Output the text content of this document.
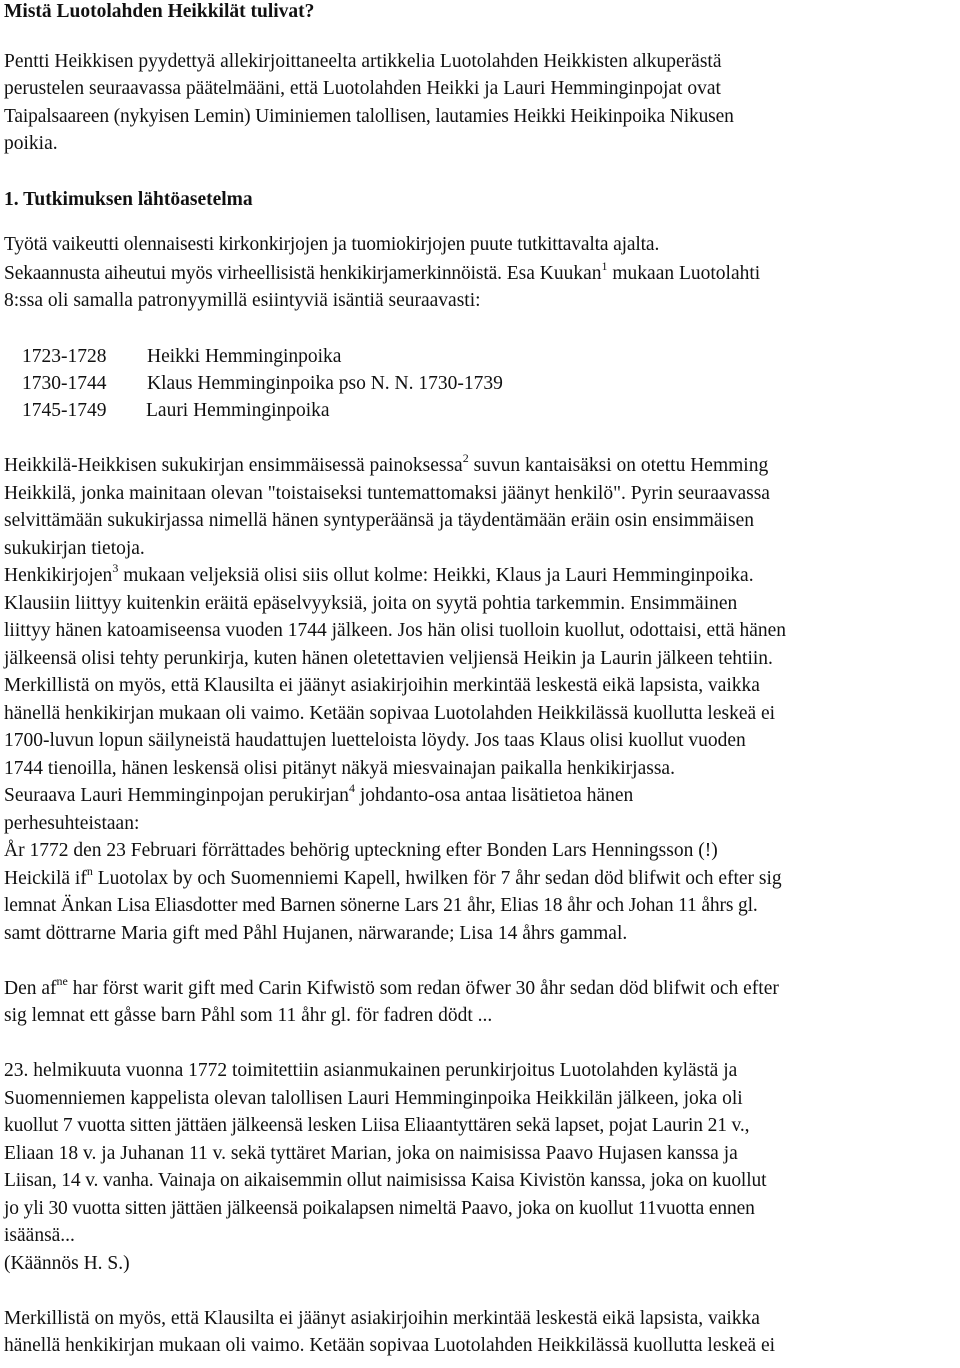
Mistä Luotolahden Heikkilät tulivat?
Pentti Heikkisen pyydettyä allekirjoittaneelta artikkelia Luotolahden Heikkisten alkuperästä
perustelen seuraavassa päätelmääni, että Luotolahden Heikki ja Lauri Hemminginpojat ovat
Taipalsaareen (nykyisen Lemin) Uiminiemen talollisen, lautamies Heikki Heikinpoika Nikusen
poikia.
1. Tutkimuksen lähtöasetelma
Työtä vaikeutti olennaisesti kirkonkirjojen ja tuomiokirjojen puute tutkittavalta ajalta.
Sekaannusta aiheutui myös virheellisistä henkikirjamerkinnöistä. Esa Kuukan$^1$ mukaan Luotolahti
8:ssa oli samalla patronyymillä esiintyviä isäntiä seuraavasti:
1723-1728 Heikki Hemminginpoika
1730-1744 Klaus Hemminginpoika pso N. N. 1730-1739
1745-1749 Lauri Hemminginpoika
Heikkilä-Heikkisen sukukirjan ensimmäisessä painoksessa$^2$ suvun kantaisäksi on otettu Hemming
Heikkilä, jonka mainitaan olevan "toistaiseksi tuntemattomaksi jäänyt henkilö". Pyrin seuraavassa
selvittämään sukukirjassa nimellä hänen syntyperäänsä ja täydentämään eräin osin ensimmäisen
sukukirjan tietoja.
Henkikirjojen$^3$ mukaan veljeksiä olisi siis ollut kolme: Heikki, Klaus ja Lauri Hemminginpoika.
Klausiin liittyy kuitenkin eräitä epäselvyyksiä, joita on syytä pohtia tarkemmin. Ensimmäinen
liittyy hänen katoamiseensa vuoden 1744 jälkeen. Jos hän olisi tuolloin kuollut, odottaisi, että hänen
jälkeensä olisi tehty perunkirja, kuten hänen oletettavien veljiensä Heikin ja Laurin jälkeen tehtiin.
Merkillistä on myös, että Klausilta ei jäänyt asiakirjoihin merkintää leskestä eikä lapsista, vaikka
hänellä henkikirjan mukaan oli vaimo. Ketään sopivaa Luotolahden Heikkilässä kuollutta leskeä ei
1700-luvun lopun säilyneistä haudattujen luetteloista löydy. Jos taas Klaus olisi kuollut vuoden
1744 tienoilla, hänen leskensä olisi pitänyt näkyä miesvainajan paikalla henkikirjassa.
Seuraava Lauri Hemminginpojan perukirjan$^4$ johdanto-osa antaa lisätietoa hänen
perhesuhteistaan:
År 1772 den 23 Februari förrättades behörig upteckning efter Bonden Lars Henningsson (!)
Heickilä $if^n$ Luotolax by och Suomenniemi Kapell, hwilken för 7 åhr sedan död blifwit och efter sig
lemnat Änkan Lisa Eliasdotter med Barnen sönerne Lars 21 åhr, Elias 18 åhr och Johan 11 åhrs gl.
samt döttrarne Maria gift med Påhl Hujanen, närwarande; Lisa 14 åhrs gammal.
Den $af^{ne}$ har först warit gift med Carin Kifwistö som redan öfwer 30 åhr sedan död blifwit och efter
sig lemnat ett gåsse barn Påhl som 11 åhr gl. för fadren dödt ...
23. helmikuuta vuonna 1772 toimitettiin asianmukainen perunkirjoitus Luotolahden kylästä ja
Suomenniemen kappelista olevan talollisen Lauri Hemminginpoika Heikkilän jälkeen, joka oli
kuollut 7 vuotta sitten jättäen jälkeensä lesken Liisa Eliaantyttären sekä lapset, pojat Laurin 21 v.,
Eliaan 18 v. ja Juhanan 11 v. sekä tyttäret Marian, joka on naimisissa Paavo Hujasen kanssa ja
Liisan, 14 v. vanha. Vainaja on aikaisemmin ollut naimisissa Kaisa Kivistön kanssa, joka on kuollut
jo yli 30 vuotta sitten jättäen jälkeensä poikalapsen nimeltä Paavo, joka on kuollut 11vuotta ennen
isäänsä...
(Käännös H. S.)
Merkillistä on myös, että Klausilta ei jäänyt asiakirjoihin merkintää leskestä eikä lapsista, vaikka
hänellä henkikirjan mukaan oli vaimo. Ketään sopivaa Luotolahden Heikkilässä kuollutta leskeä ei
